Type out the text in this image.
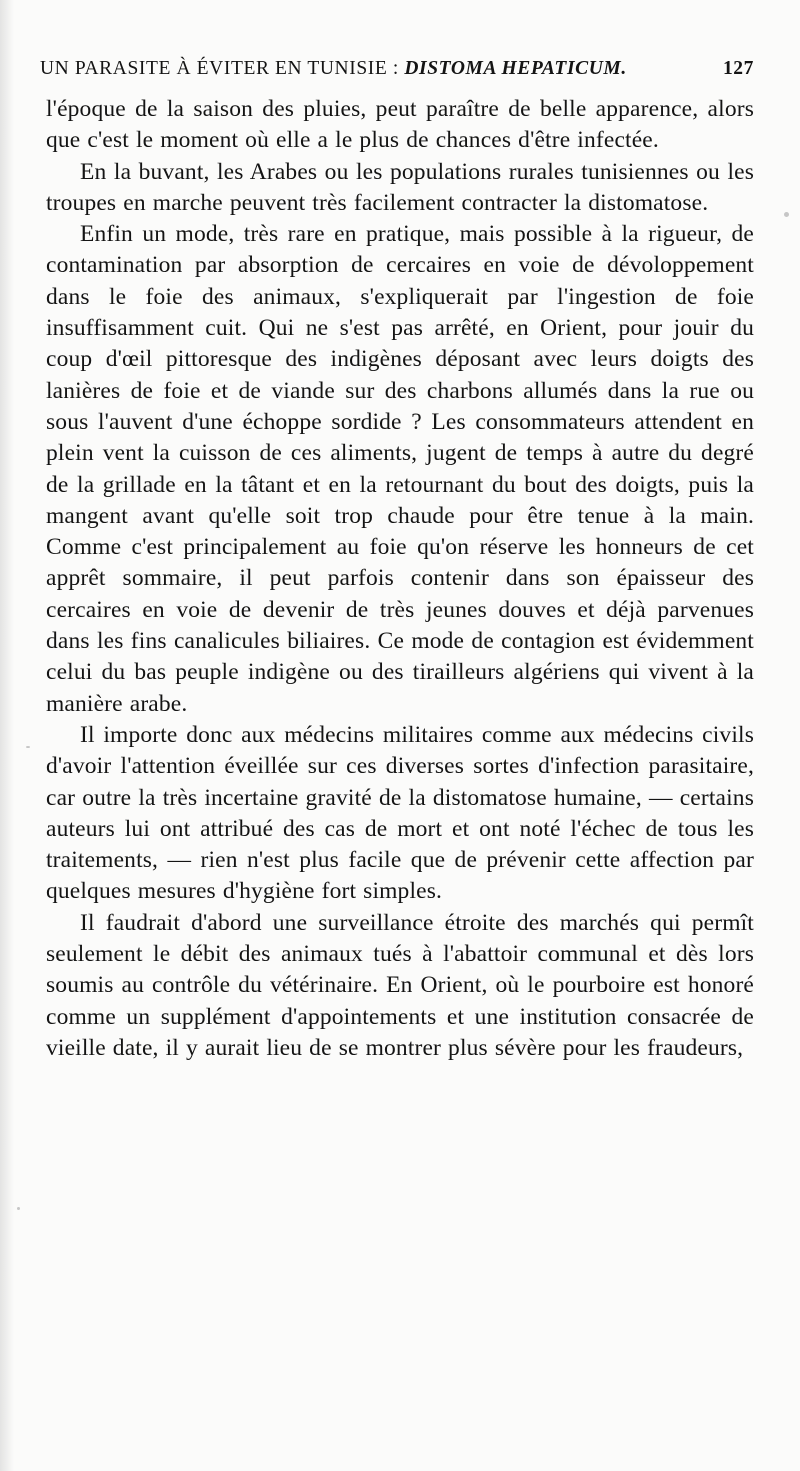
UN PARASITE À ÉVITER EN TUNISIE : DISTOMA HEPATICUM.	127

l'époque de la saison des pluies, peut paraître de belle apparence, alors que c'est le moment où elle a le plus de chances d'être infectée.

En la buvant, les Arabes ou les populations rurales tunisiennes ou les troupes en marche peuvent très facilement contracter la distomatose.

Enfin un mode, très rare en pratique, mais possible à la rigueur, de contamination par absorption de cercaires en voie de dévoloppement dans le foie des animaux, s'expliquerait par l'ingestion de foie insuffisamment cuit. Qui ne s'est pas arrêté, en Orient, pour jouir du coup d'œil pittoresque des indigènes déposant avec leurs doigts des lanières de foie et de viande sur des charbons allumés dans la rue ou sous l'auvent d'une échoppe sordide ? Les consommateurs attendent en plein vent la cuisson de ces aliments, jugent de temps à autre du degré de la grillade en la tâtant et en la retournant du bout des doigts, puis la mangent avant qu'elle soit trop chaude pour être tenue à la main. Comme c'est principalement au foie qu'on réserve les honneurs de cet apprêt sommaire, il peut parfois contenir dans son épaisseur des cercaires en voie de devenir de très jeunes douves et déjà parvenues dans les fins canalicules biliaires. Ce mode de contagion est évidemment celui du bas peuple indigène ou des tirailleurs algériens qui vivent à la manière arabe.

Il importe donc aux médecins militaires comme aux médecins civils d'avoir l'attention éveillée sur ces diverses sortes d'infection parasitaire, car outre la très incertaine gravité de la distomatose humaine, — certains auteurs lui ont attribué des cas de mort et ont noté l'échec de tous les traitements, — rien n'est plus facile que de prévenir cette affection par quelques mesures d'hygiène fort simples.

Il faudrait d'abord une surveillance étroite des marchés qui permît seulement le débit des animaux tués à l'abattoir communal et dès lors soumis au contrôle du vétérinaire. En Orient, où le pourboire est honoré comme un supplément d'appointements et une institution consacrée de vieille date, il y aurait lieu de se montrer plus sévère pour les fraudeurs,
